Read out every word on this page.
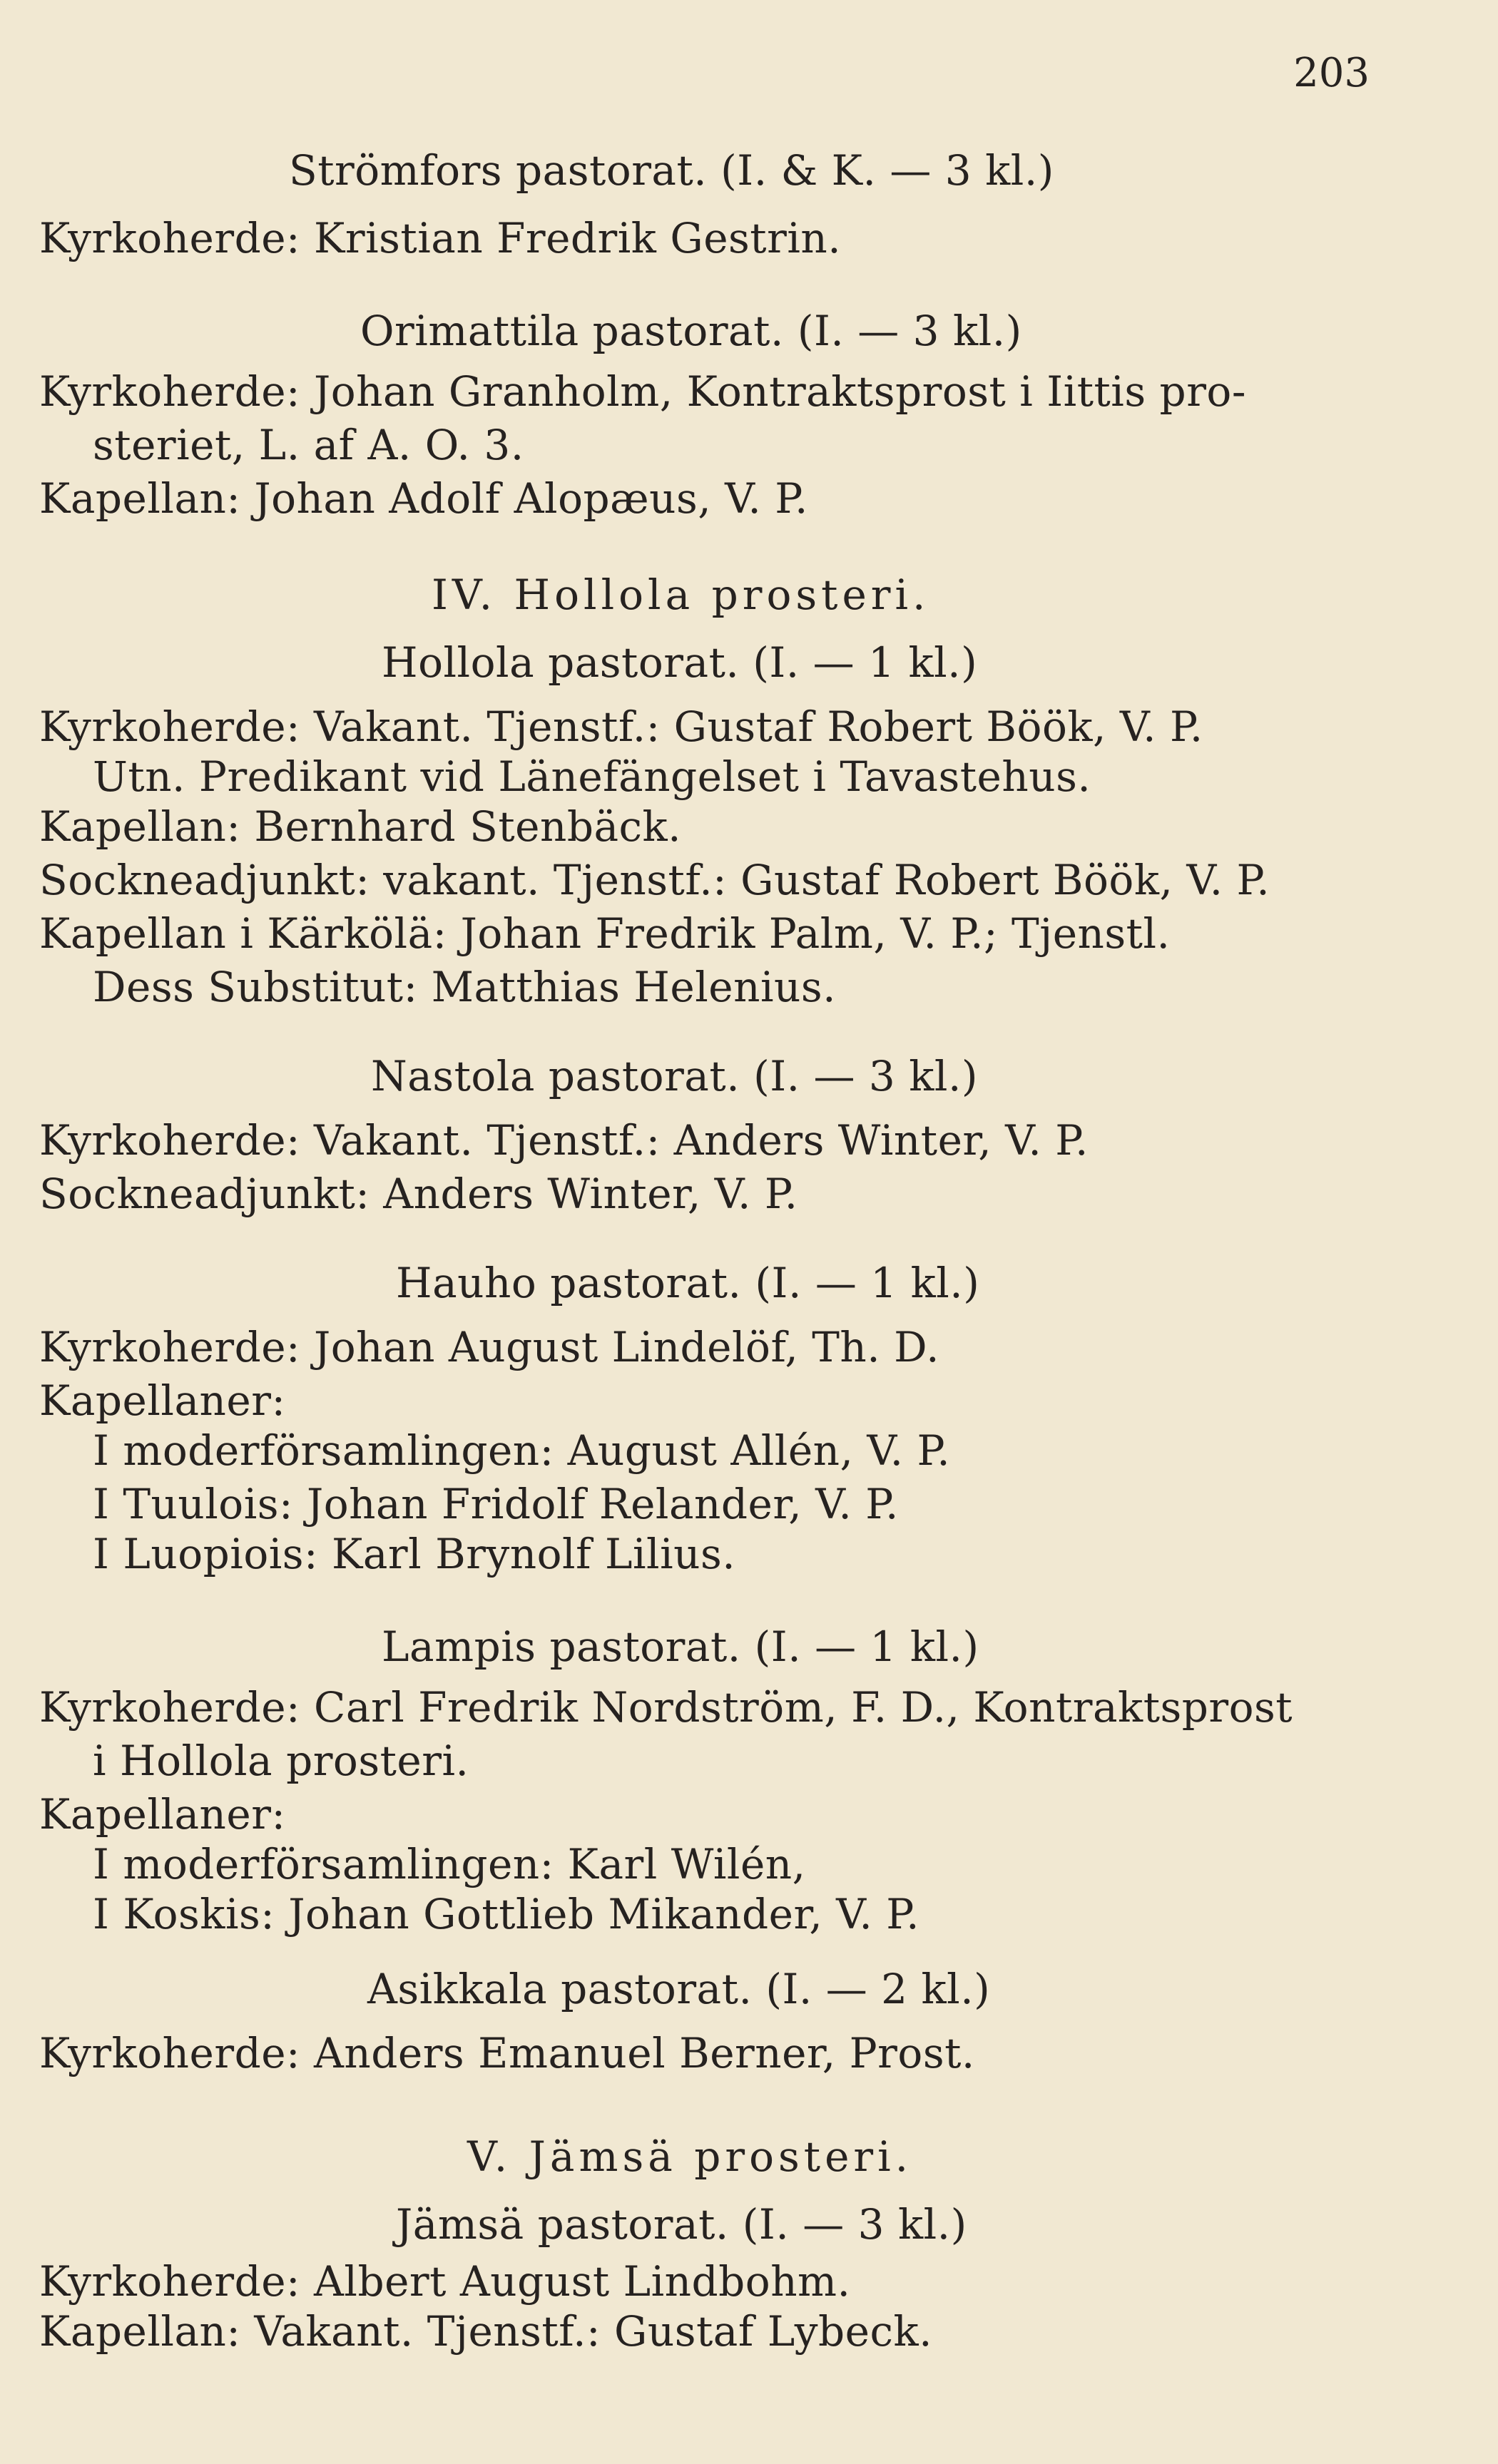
203
Strömfors pastorat. (I. & K. — 3 kl.)
Kyrkoherde: Kristian Fredrik Gestrin.
Orimattila pastorat. (I. — 3 kl.)
Kyrkoherde: Johan Granholm, Kontraktsprost i Iittis pro-
steriet, L. af A. O. 3.
Kapellan: Johan Adolf Alopæus, V. P.
IV. Hollola prosteri.
Hollola pastorat. (I. — 1 kl.)
Kyrkoherde: Vakant. Tjenstf.: Gustaf Robert Böök, V. P.
Utn. Predikant vid Länefängelset i Tavastehus.
Kapellan: Bernhard Stenbäck.
Sockneadjunkt: vakant. Tjenstf.: Gustaf Robert Böök, V. P.
Kapellan i Kärkölä: Johan Fredrik Palm, V. P.; Tjenstl.
Dess Substitut: Matthias Helenius.
Nastola pastorat. (I. — 3 kl.)
Kyrkoherde: Vakant. Tjenstf.: Anders Winter, V. P.
Sockneadjunkt: Anders Winter, V. P.
Hauho pastorat. (I. — 1 kl.)
Kyrkoherde: Johan August Lindelöf, Th. D.
Kapellaner:
I moderförsamlingen: August Allén, V. P.
I Tuulois: Johan Fridolf Relander, V. P.
I Luopiois: Karl Brynolf Lilius.
Lampis pastorat. (I. — 1 kl.)
Kyrkoherde: Carl Fredrik Nordström, F. D., Kontraktsprost
i Hollola prosteri.
Kapellaner:
I moderförsamlingen: Karl Wilén,
I Koskis: Johan Gottlieb Mikander, V. P.
Asikkala pastorat. (I. — 2 kl.)
Kyrkoherde: Anders Emanuel Berner, Prost.
V. Jämsä prosteri.
Jämsä pastorat. (I. — 3 kl.)
Kyrkoherde: Albert August Lindbohm.
Kapellan: Vakant. Tjenstf.: Gustaf Lybeck.
